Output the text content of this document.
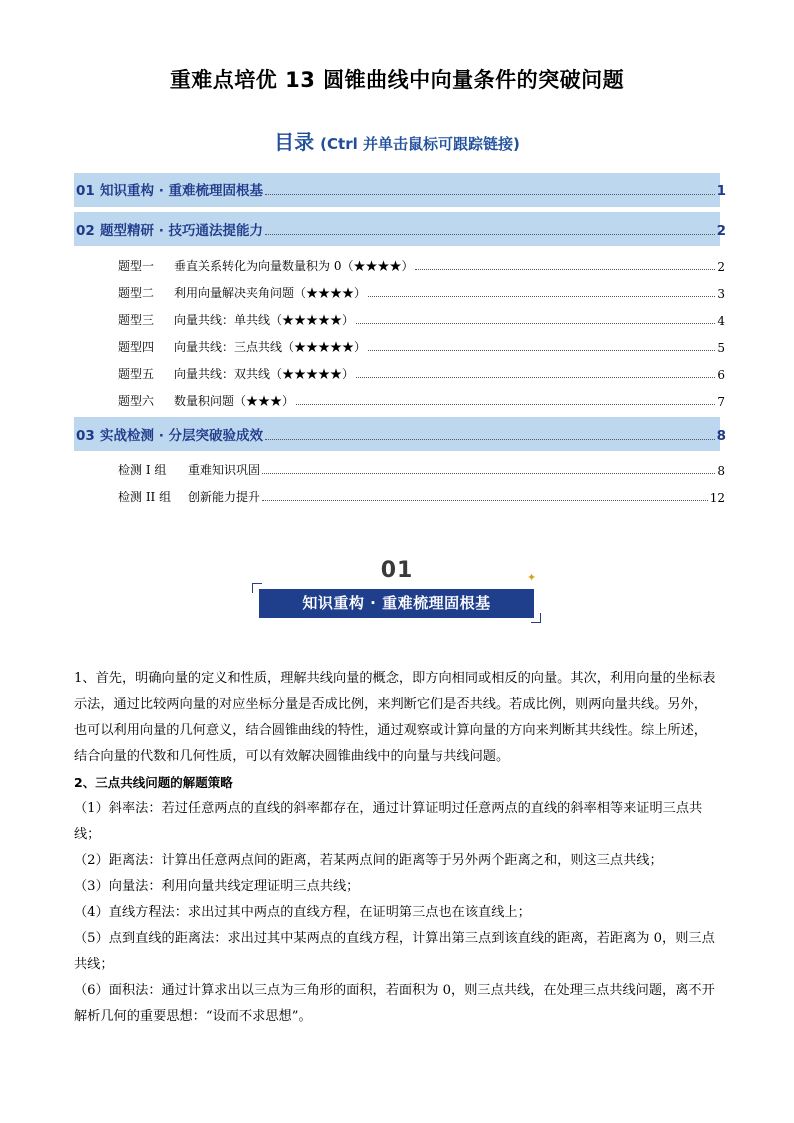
重难点培优 13 圆锥曲线中向量条件的突破问题
目录 (Ctrl 并单击鼠标可跟踪链接)
01 知识重构 · 重难梳理固根基	1
02 题型精研 · 技巧通法提能力	2
题型一 垂直关系转化为向量数量积为 0（★★★★）	2
题型二 利用向量解决夹角问题（★★★★）	3
题型三 向量共线：单共线（★★★★★）	4
题型四 向量共线：三点共线（★★★★★）	5
题型五 向量共线：双共线（★★★★★）	6
题型六 数量积问题（★★★）	7
03 实战检测 · 分层突破验成效	8
检测 I 组 重难知识巩固	8
检测 II 组 创新能力提升	12
01
知识重构 · 重难梳理固根基
✦

1、首先，明确向量的定义和性质，理解共线向量的概念，即方向相同或相反的向量。其次，利用向量的坐标表示法，通过比较两向量的对应坐标分量是否成比例，来判断它们是否共线。若成比例，则两向量共线。另外，也可以利用向量的几何意义，结合圆锥曲线的特性，通过观察或计算向量的方向来判断其共线性。综上所述，结合向量的代数和几何性质，可以有效解决圆锥曲线中的向量与共线问题。

2、三点共线问题的解题策略

（1）斜率法：若过任意两点的直线的斜率都存在，通过计算证明过任意两点的直线的斜率相等来证明三点共线；

（2）距离法：计算出任意两点间的距离，若某两点间的距离等于另外两个距离之和，则这三点共线；

（3）向量法：利用向量共线定理证明三点共线；

（4）直线方程法：求出过其中两点的直线方程，在证明第三点也在该直线上；

（5）点到直线的距离法：求出过其中某两点的直线方程，计算出第三点到该直线的距离，若距离为 0，则三点共线；

（6）面积法：通过计算求出以三点为三角形的面积，若面积为 0，则三点共线，在处理三点共线问题，离不开解析几何的重要思想：“设而不求思想”。
